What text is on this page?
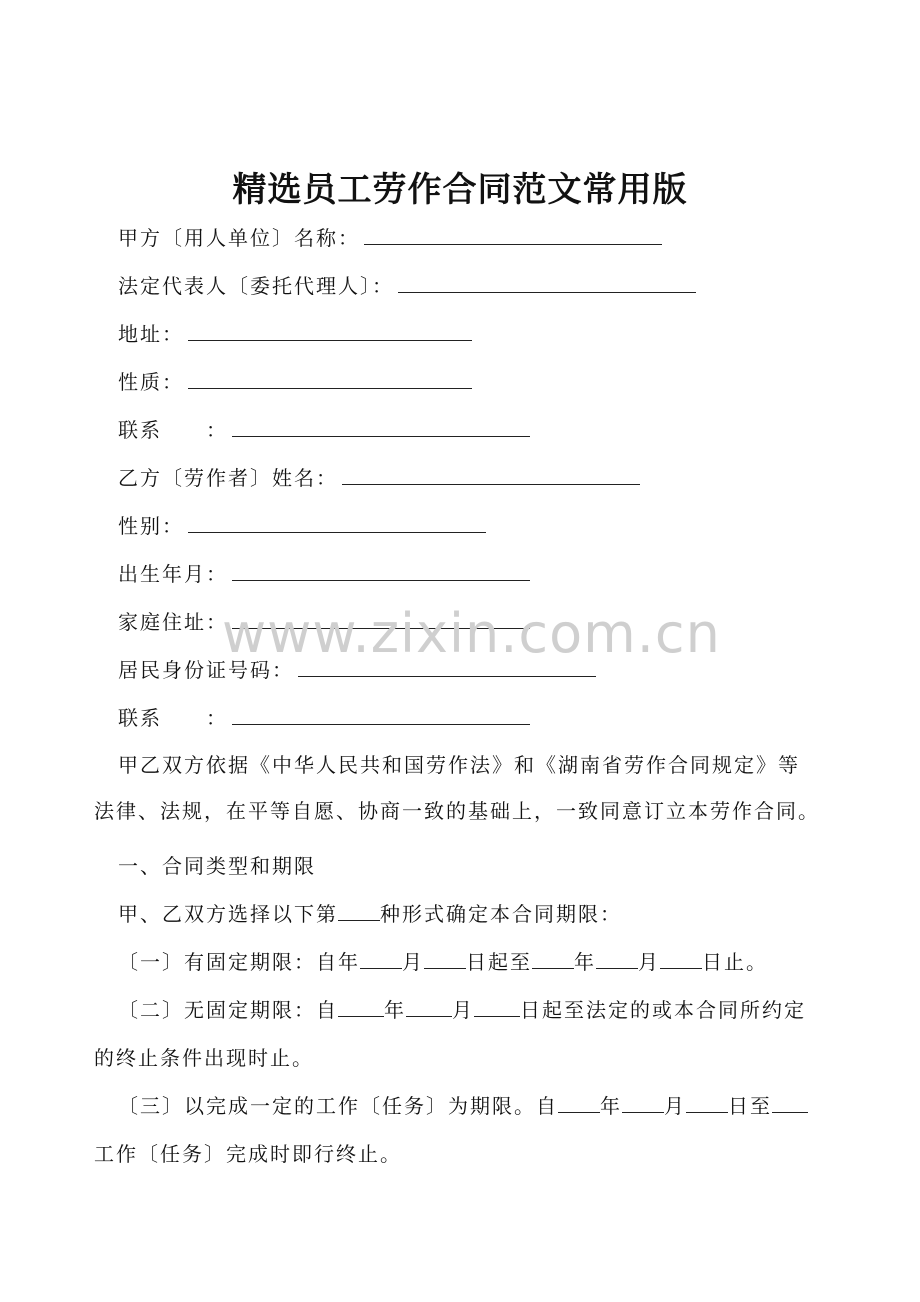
精选员工劳作合同范文常用版
甲方〔用人单位〕名称：
法定代表人〔委托代理人〕：
地址：
性质：
联系　　：
乙方〔劳作者〕姓名：
性别：
出生年月：
家庭住址：
居民身份证号码：
联系　　：
www.zixin.com.cn
甲乙双方依据《中华人民共和国劳作法》和《湖南省劳作合同规定》等
法律、法规，在平等自愿、协商一致的基础上，一致同意订立本劳作合同。
一、合同类型和期限
甲、乙双方选择以下第 种形式确定本合同期限：
〔一〕有固定期限：自年 月 日起至 年 月 日止。
〔二〕无固定期限：自 年 月 日起至法定的或本合同所约定
的终止条件出现时止。
〔三〕以完成一定的工作〔任务〕为期限。自 年 月 日至
工作〔任务〕完成时即行终止。
